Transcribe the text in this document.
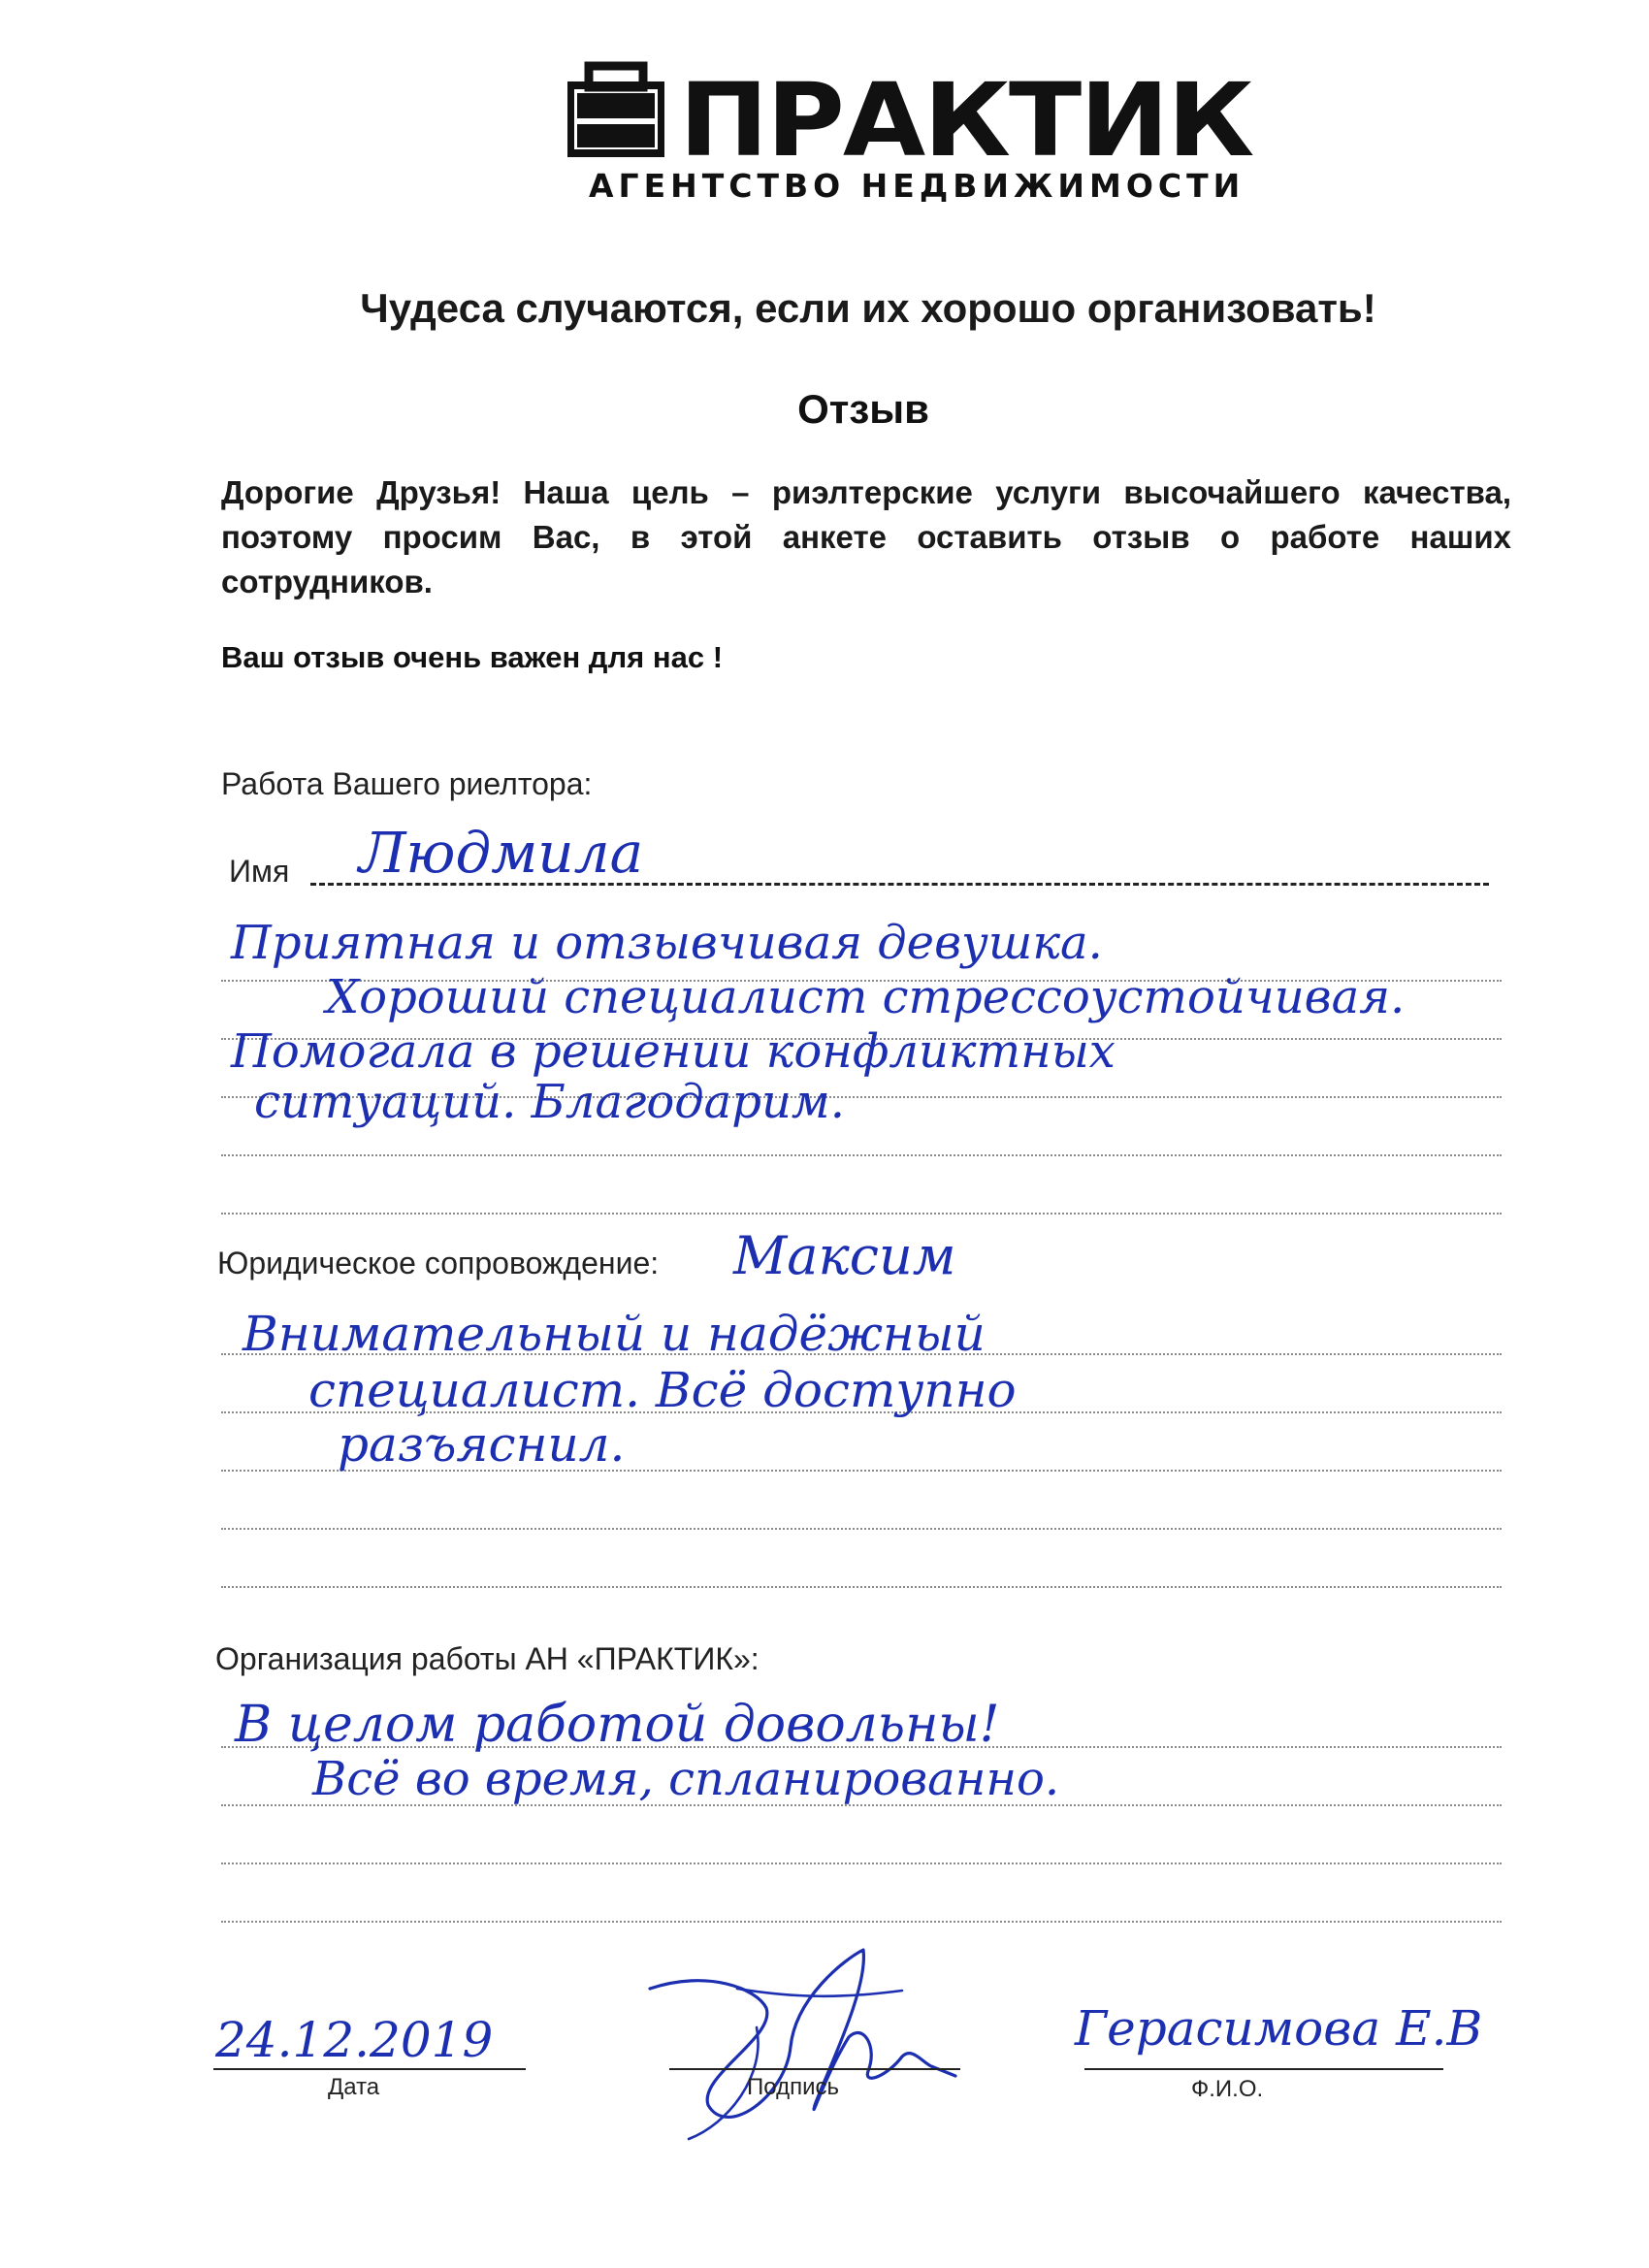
ПРАКТИК
АГЕНТСТВО НЕДВИЖИМОСТИ
Чудеса случаются, если их хорошо организовать!
Отзыв
Дорогие Друзья! Наша цель – риэлтерские услуги высочайшего качества, поэтому просим Вас, в этой анкете оставить отзыв о работе наших сотрудников.
Ваш отзыв очень важен для нас !
Работа Вашего риелтора:
Имя Людмила
Приятная и отзывчивая девушка.
Хороший специалист стрессоустойчивая.
Помогала в решении конфликтных
ситуаций. Благодарим.
Юридическое сопровождение: Максим
Внимательный и надёжный
специалист. Всё доступно
разъяснил.
Организация работы АН «ПРАКТИК»:
В целом работой довольны!
Всё во время, спланированно.
24.12.2019
Дата	Подпись
Герасимова Е.В
Ф.И.О.
